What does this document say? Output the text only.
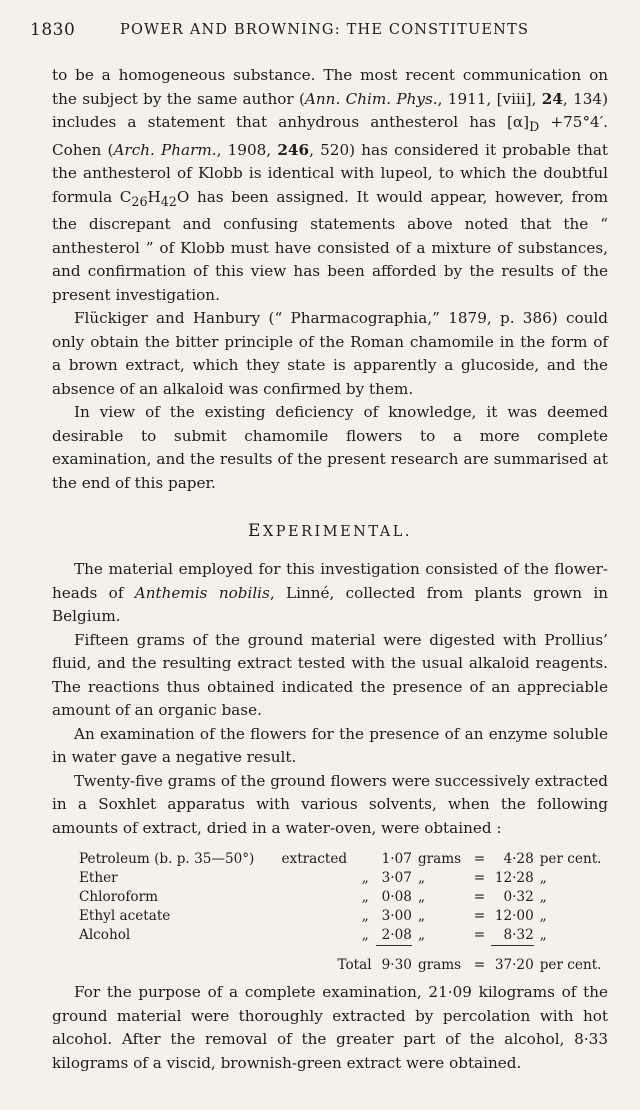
1830	POWER AND BROWNING: THE CONSTITUENTS

to be a homogeneous substance. The most recent communication on the subject by the same author (Ann. Chim. Phys., 1911, [viii], 24, 134) includes a statement that anhydrous anthesterol has $[\alpha]_D +75^\circ 4'$. Cohen (Arch. Pharm., 1908, 246, 520) has considered it probable that the anthesterol of Klobb is identical with lupeol, to which the doubtful formula $C_{26}H_{42}O$ has been assigned. It would appear, however, from the discrepant and confusing statements above noted that the “ anthesterol ” of Klobb must have consisted of a mixture of substances, and confirmation of this view has been afforded by the results of the present investigation.

Flückiger and Hanbury (“ Pharmacographia,” 1879, p. 386) could only obtain the bitter principle of the Roman chamomile in the form of a brown extract, which they state is apparently a glucoside, and the absence of an alkaloid was confirmed by them.

In view of the existing deficiency of knowledge, it was deemed desirable to submit chamomile flowers to a more complete examination, and the results of the present research are summarised at the end of this paper.

EXPERIMENTAL.

The material employed for this investigation consisted of the flower-heads of Anthemis nobilis, Linné, collected from plants grown in Belgium.

Fifteen grams of the ground material were digested with Prollius’ fluid, and the resulting extract tested with the usual alkaloid reagents. The reactions thus obtained indicated the presence of an appreciable amount of an organic base.

An examination of the flowers for the presence of an enzyme soluble in water gave a negative result.

Twenty-five grams of the ground flowers were successively extracted in a Soxhlet apparatus with various solvents, when the following amounts of extract, dried in a water-oven, were obtained :

Petroleum (b. p. 35—50°)	extracted		1·07	grams	=	4·28	per cent.
Ether		„	3·07	„	=	12·28	„
Chloroform		„	0·08	„	=	0·32	„
Ethyl acetate		„	3·00	„	=	12·00	„
Alcohol		„	2·08	„	=	8·32	„
	Total		9·30	grams	=	37·20	per cent.

For the purpose of a complete examination, 21·09 kilograms of the ground material were thoroughly extracted by percolation with hot alcohol. After the removal of the greater part of the alcohol, 8·33 kilograms of a viscid, brownish-green extract were obtained.
